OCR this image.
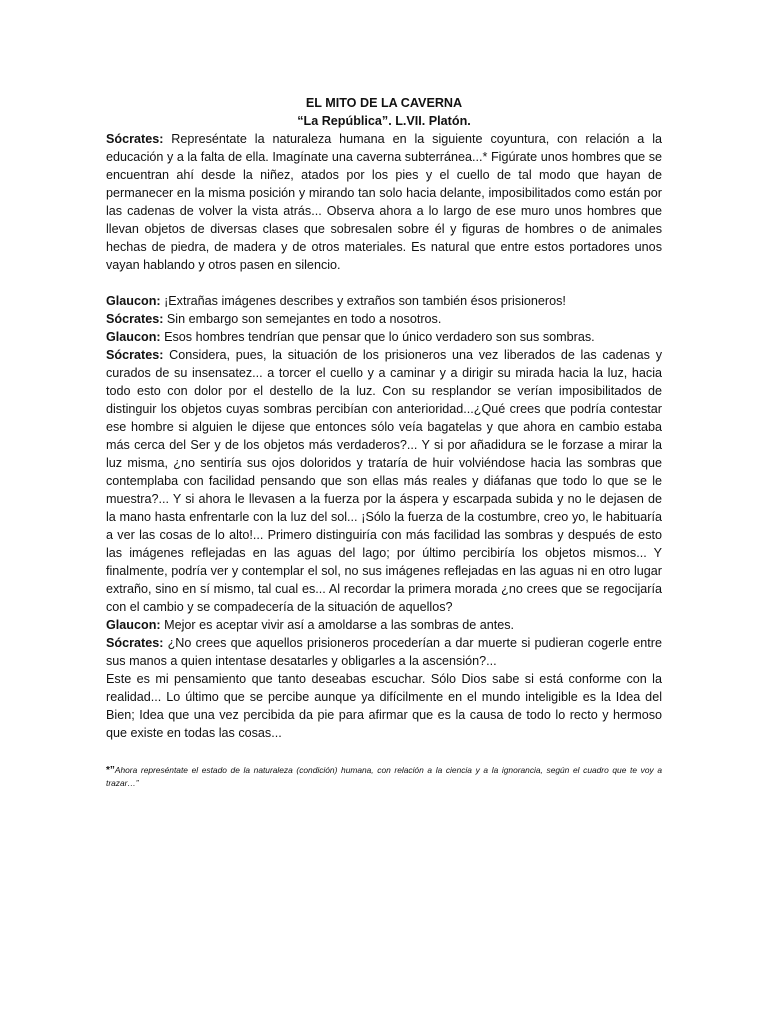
EL MITO DE LA CAVERNA

“La República”. L.VII. Platón.

Sócrates: Represéntate la naturaleza humana en la siguiente coyuntura, con relación a la educación y a la falta de ella. Imagínate una caverna subterránea...* Figúrate unos hombres que se encuentran ahí desde la niñez, atados por los pies y el cuello de tal modo que hayan de permanecer en la misma posición y mirando tan solo hacia delante, imposibilitados como están por las cadenas de volver la vista atrás... Observa ahora a lo largo de ese muro unos hombres que llevan objetos de diversas clases que sobresalen sobre él y figuras de hombres o de animales hechas de piedra, de madera y de otros materiales. Es natural que entre estos portadores unos vayan hablando y otros pasen en silencio.

Glaucon: ¡Extrañas imágenes describes y extraños son también ésos prisioneros!

Sócrates: Sin embargo son semejantes en todo a nosotros.

Glaucon: Esos hombres tendrían que pensar que lo único verdadero son sus sombras.

Sócrates: Considera, pues, la situación de los prisioneros una vez liberados de las cadenas y curados de su insensatez... a torcer el cuello y a caminar y a dirigir su mirada hacia la luz, hacia todo esto con dolor por el destello de la luz. Con su resplandor se verían imposibilitados de distinguir los objetos cuyas sombras percibían con anterioridad...¿Qué crees que podría contestar ese hombre si alguien le dijese que entonces sólo veía bagatelas y que ahora en cambio estaba más cerca del Ser y de los objetos más verdaderos?... Y si por añadidura se le forzase a mirar la luz misma, ¿no sentiría sus ojos doloridos y trataría de huir volviéndose hacia las sombras que contemplaba con facilidad pensando que son ellas más reales y diáfanas que todo lo que se le muestra?... Y si ahora le llevasen a la fuerza por la áspera y escarpada subida y no le dejasen de la mano hasta enfrentarle con la luz del sol... ¡Sólo la fuerza de la costumbre, creo yo, le habituaría a ver las cosas de lo alto!... Primero distinguiría con más facilidad las sombras y después de esto las imágenes reflejadas en las aguas del lago; por último percibiría los objetos mismos... Y finalmente, podría ver y contemplar el sol, no sus imágenes reflejadas en las aguas ni en otro lugar extraño, sino en sí mismo, tal cual es... Al recordar la primera morada ¿no crees que se regocijaría con el cambio y se compadecería de la situación de aquellos?

Glaucon: Mejor es aceptar vivir así a amoldarse a las sombras de antes.

Sócrates: ¿No crees que aquellos prisioneros procederían a dar muerte si pudieran cogerle entre sus manos a quien intentase desatarles y obligarles a la ascensión?...

Este es mi pensamiento que tanto deseabas escuchar. Sólo Dios sabe si está conforme con la realidad... Lo último que se percibe aunque ya difícilmente en el mundo inteligible es la Idea del Bien; Idea que una vez percibida da pie para afirmar que es la causa de todo lo recto y hermoso que existe en todas las cosas...

*”Ahora represéntate el estado de la naturaleza (condición) humana, con relación a la ciencia y a la ignorancia, según el cuadro que te voy a trazar…”
